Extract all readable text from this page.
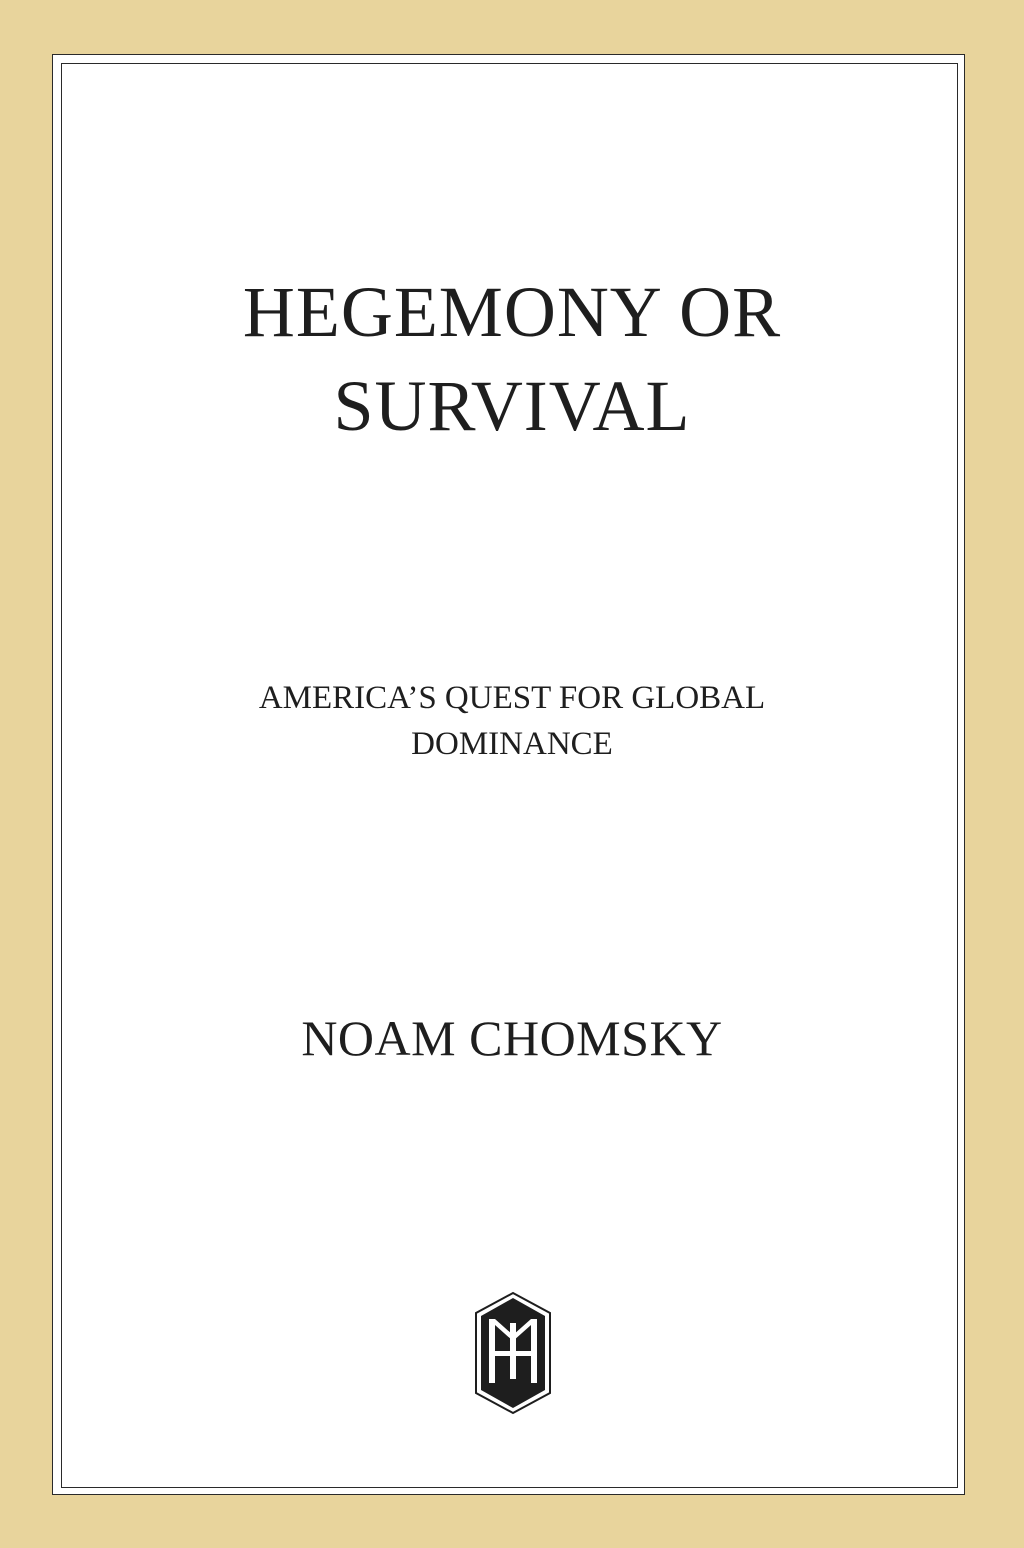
HEGEMONY OR
SURVIVAL
AMERICA’S QUEST FOR GLOBAL
DOMINANCE
NOAM CHOMSKY
